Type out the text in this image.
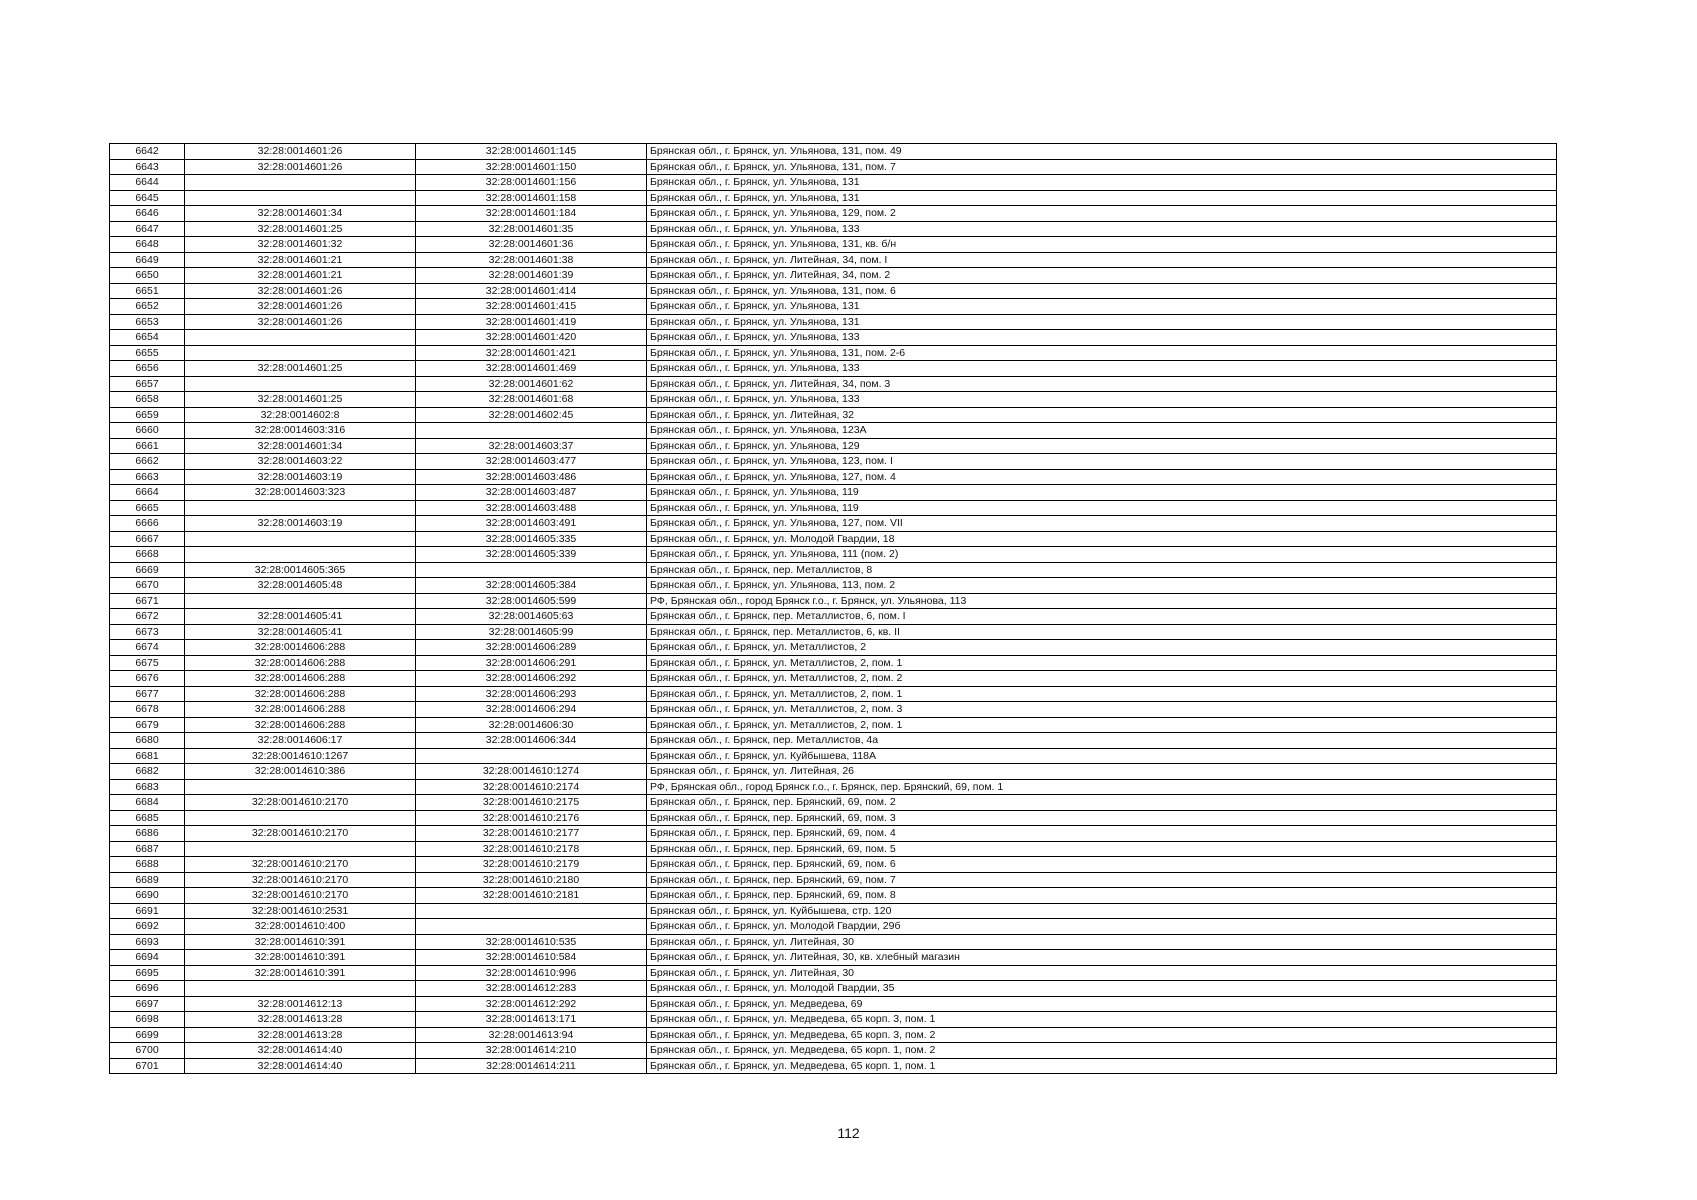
6642	32:28:0014601:26	32:28:0014601:145	Брянская обл., г. Брянск, ул. Ульянова, 131, пом. 49
6643	32:28:0014601:26	32:28:0014601:150	Брянская обл., г. Брянск, ул. Ульянова, 131, пом. 7
6644		32:28:0014601:156	Брянская обл., г. Брянск, ул. Ульянова, 131
6645		32:28:0014601:158	Брянская обл., г. Брянск, ул. Ульянова, 131
6646	32:28:0014601:34	32:28:0014601:184	Брянская обл., г. Брянск, ул. Ульянова, 129, пом. 2
6647	32:28:0014601:25	32:28:0014601:35	Брянская обл., г. Брянск, ул. Ульянова, 133
6648	32:28:0014601:32	32:28:0014601:36	Брянская обл., г. Брянск, ул. Ульянова, 131, кв. б/н
6649	32:28:0014601:21	32:28:0014601:38	Брянская обл., г. Брянск, ул. Литейная, 34, пом. I
6650	32:28:0014601:21	32:28:0014601:39	Брянская обл., г. Брянск, ул. Литейная, 34, пом. 2
6651	32:28:0014601:26	32:28:0014601:414	Брянская обл., г. Брянск, ул. Ульянова, 131, пом. 6
6652	32:28:0014601:26	32:28:0014601:415	Брянская обл., г. Брянск, ул. Ульянова, 131
6653	32:28:0014601:26	32:28:0014601:419	Брянская обл., г. Брянск, ул. Ульянова, 131
6654		32:28:0014601:420	Брянская обл., г. Брянск, ул. Ульянова, 133
6655		32:28:0014601:421	Брянская обл., г. Брянск, ул. Ульянова, 131, пом. 2-6
6656	32:28:0014601:25	32:28:0014601:469	Брянская обл., г. Брянск, ул. Ульянова, 133
6657		32:28:0014601:62	Брянская обл., г. Брянск, ул. Литейная, 34, пом. 3
6658	32:28:0014601:25	32:28:0014601:68	Брянская обл., г. Брянск, ул. Ульянова, 133
6659	32:28:0014602:8	32:28:0014602:45	Брянская обл., г. Брянск, ул. Литейная, 32
6660	32:28:0014603:316		Брянская обл., г. Брянск, ул. Ульянова, 123А
6661	32:28:0014601:34	32:28:0014603:37	Брянская обл., г. Брянск, ул. Ульянова, 129
6662	32:28:0014603:22	32:28:0014603:477	Брянская обл., г. Брянск, ул. Ульянова, 123, пом. I
6663	32:28:0014603:19	32:28:0014603:486	Брянская обл., г. Брянск, ул. Ульянова, 127, пом. 4
6664	32:28:0014603:323	32:28:0014603:487	Брянская обл., г. Брянск, ул. Ульянова, 119
6665		32:28:0014603:488	Брянская обл., г. Брянск, ул. Ульянова, 119
6666	32:28:0014603:19	32:28:0014603:491	Брянская обл., г. Брянск, ул. Ульянова, 127, пом. VII
6667		32:28:0014605:335	Брянская обл., г. Брянск, ул. Молодой Гвардии, 18
6668		32:28:0014605:339	Брянская обл., г. Брянск, ул. Ульянова, 111 (пом. 2)
6669	32:28:0014605:365		Брянская обл., г. Брянск, пер. Металлистов, 8
6670	32:28:0014605:48	32:28:0014605:384	Брянская обл., г. Брянск, ул. Ульянова, 113, пом. 2
6671		32:28:0014605:599	РФ, Брянская обл., город Брянск г.о., г. Брянск, ул. Ульянова, 113
6672	32:28:0014605:41	32:28:0014605:63	Брянская обл., г. Брянск, пер. Металлистов, 6, пом. I
6673	32:28:0014605:41	32:28:0014605:99	Брянская обл., г. Брянск, пер. Металлистов, 6, кв. II
6674	32:28:0014606:288	32:28:0014606:289	Брянская обл., г. Брянск, ул. Металлистов, 2
6675	32:28:0014606:288	32:28:0014606:291	Брянская обл., г. Брянск, ул. Металлистов, 2, пом. 1
6676	32:28:0014606:288	32:28:0014606:292	Брянская обл., г. Брянск, ул. Металлистов, 2, пом. 2
6677	32:28:0014606:288	32:28:0014606:293	Брянская обл., г. Брянск, ул. Металлистов, 2, пом. 1
6678	32:28:0014606:288	32:28:0014606:294	Брянская обл., г. Брянск, ул. Металлистов, 2, пом. 3
6679	32:28:0014606:288	32:28:0014606:30	Брянская обл., г. Брянск, ул. Металлистов, 2, пом. 1
6680	32:28:0014606:17	32:28:0014606:344	Брянская обл., г. Брянск, пер. Металлистов, 4а
6681	32:28:0014610:1267		Брянская обл., г. Брянск, ул. Куйбышева, 118А
6682	32:28:0014610:386	32:28:0014610:1274	Брянская обл., г. Брянск, ул. Литейная, 26
6683		32:28:0014610:2174	РФ, Брянская обл., город Брянск г.о., г. Брянск, пер. Брянский, 69, пом. 1
6684	32:28:0014610:2170	32:28:0014610:2175	Брянская обл., г. Брянск, пер. Брянский, 69, пом. 2
6685		32:28:0014610:2176	Брянская обл., г. Брянск, пер. Брянский, 69, пом. 3
6686	32:28:0014610:2170	32:28:0014610:2177	Брянская обл., г. Брянск, пер. Брянский, 69, пом. 4
6687		32:28:0014610:2178	Брянская обл., г. Брянск, пер. Брянский, 69, пом. 5
6688	32:28:0014610:2170	32:28:0014610:2179	Брянская обл., г. Брянск, пер. Брянский, 69, пом. 6
6689	32:28:0014610:2170	32:28:0014610:2180	Брянская обл., г. Брянск, пер. Брянский, 69, пом. 7
6690	32:28:0014610:2170	32:28:0014610:2181	Брянская обл., г. Брянск, пер. Брянский, 69, пом. 8
6691	32:28:0014610:2531		Брянская обл., г. Брянск, ул. Куйбышева, стр. 120
6692	32:28:0014610:400		Брянская обл., г. Брянск, ул. Молодой Гвардии, 29б
6693	32:28:0014610:391	32:28:0014610:535	Брянская обл., г. Брянск, ул. Литейная, 30
6694	32:28:0014610:391	32:28:0014610:584	Брянская обл., г. Брянск, ул. Литейная, 30, кв. хлебный магазин
6695	32:28:0014610:391	32:28:0014610:996	Брянская обл., г. Брянск, ул. Литейная, 30
6696		32:28:0014612:283	Брянская обл., г. Брянск, ул. Молодой Гвардии, 35
6697	32:28:0014612:13	32:28:0014612:292	Брянская обл., г. Брянск, ул. Медведева, 69
6698	32:28:0014613:28	32:28:0014613:171	Брянская обл., г. Брянск, ул. Медведева, 65 корп. 3, пом. 1
6699	32:28:0014613:28	32:28:0014613:94	Брянская обл., г. Брянск, ул. Медведева, 65 корп. 3, пом. 2
6700	32:28:0014614:40	32:28:0014614:210	Брянская обл., г. Брянск, ул. Медведева, 65 корп. 1, пом. 2
6701	32:28:0014614:40	32:28:0014614:211	Брянская обл., г. Брянск, ул. Медведева, 65 корп. 1, пом. 1
112
